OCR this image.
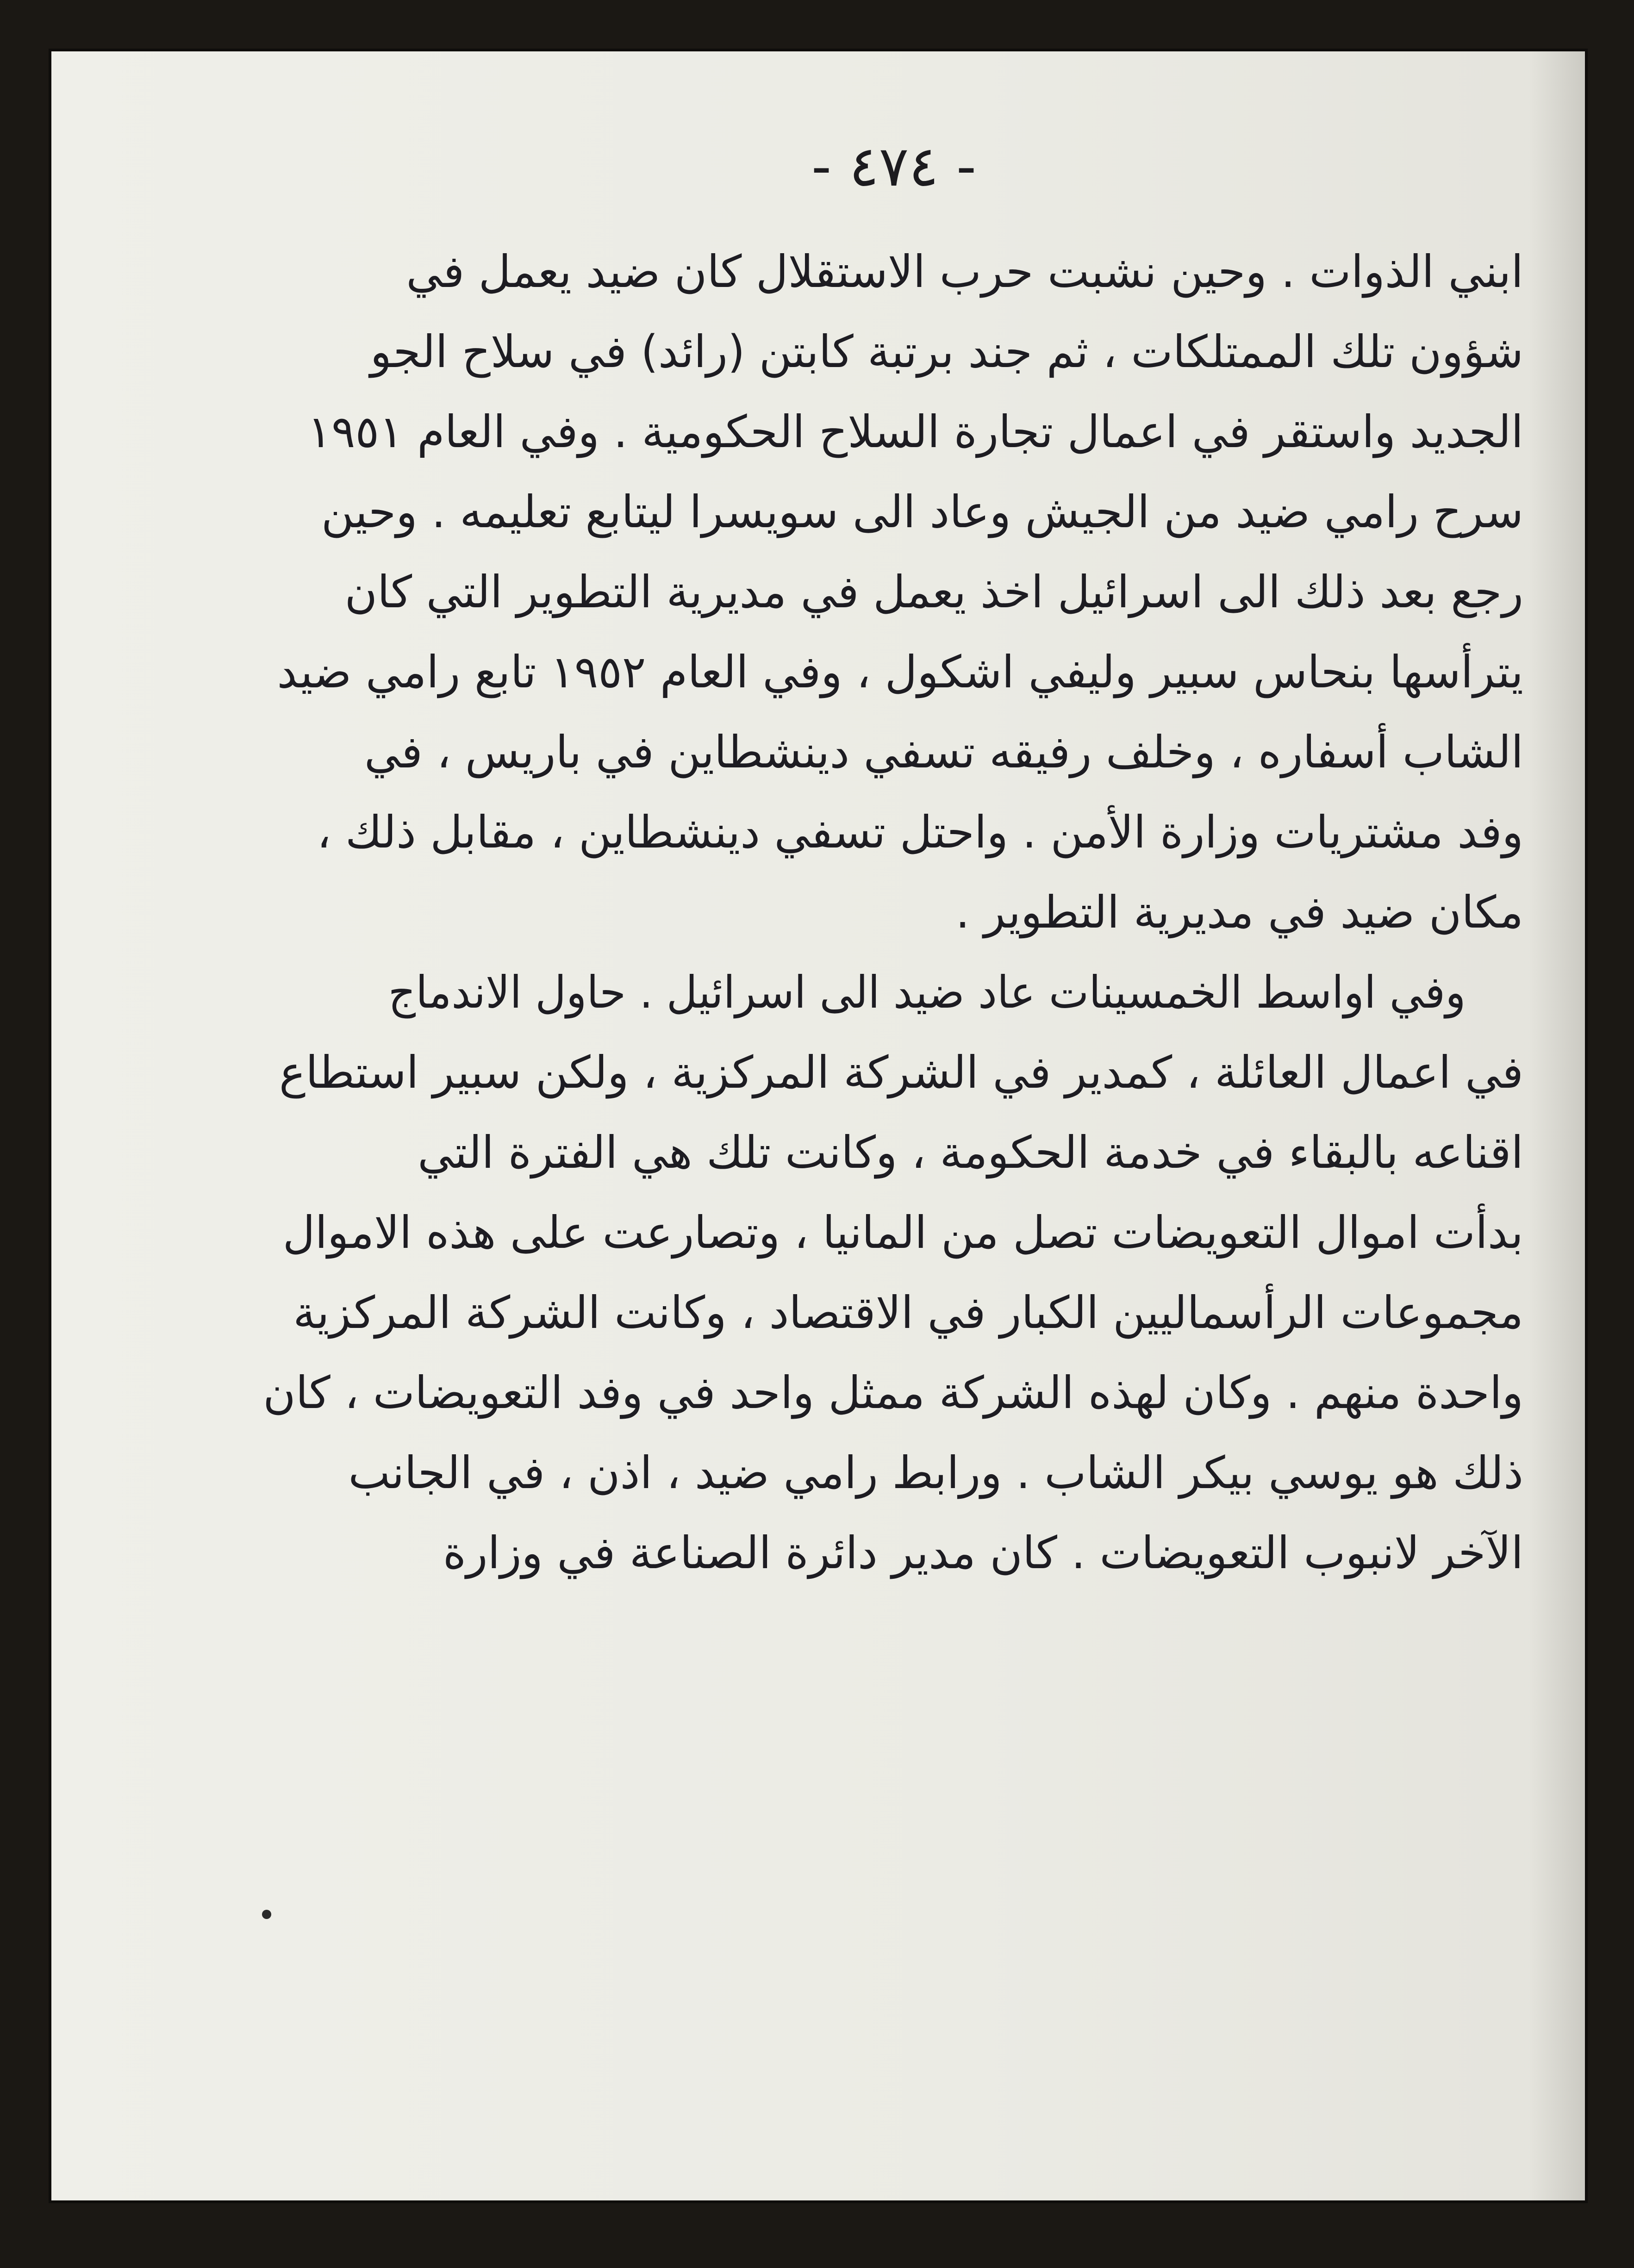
- ٤٧٤ -
ابني الذوات . وحين نشبت حرب الاستقلال كان ضيد يعمل في
شؤون تلك الممتلكات ، ثم جند برتبة كابتن (رائد) في سلاح الجو
الجديد واستقر في اعمال تجارة السلاح الحكومية . وفي العام ١٩٥١
سرح رامي ضيد من الجيش وعاد الى سويسرا ليتابع تعليمه . وحين
رجع بعد ذلك الى اسرائيل اخذ يعمل في مديرية التطوير التي كان
يترأسها بنحاس سبير وليفي اشكول ، وفي العام ١٩٥٢ تابع رامي ضيد
الشاب أسفاره ، وخلف رفيقه تسفي دينشطاين في باريس ، في
وفد مشتريات وزارة الأمن . واحتل تسفي دينشطاين ، مقابل ذلك ،
مكان ضيد في مديرية التطوير .
وفي اواسط الخمسينات عاد ضيد الى اسرائيل . حاول الاندماج
في اعمال العائلة ، كمدير في الشركة المركزية ، ولكن سبير استطاع
اقناعه بالبقاء في خدمة الحكومة ، وكانت تلك هي الفترة التي
بدأت اموال التعويضات تصل من المانيا ، وتصارعت على هذه الاموال
مجموعات الرأسماليين الكبار في الاقتصاد ، وكانت الشركة المركزية
واحدة منهم . وكان لهذه الشركة ممثل واحد في وفد التعويضات ، كان
ذلك هو يوسي بيكر الشاب . ورابط رامي ضيد ، اذن ، في الجانب
الآخر لانبوب التعويضات . كان مدير دائرة الصناعة في وزارة
